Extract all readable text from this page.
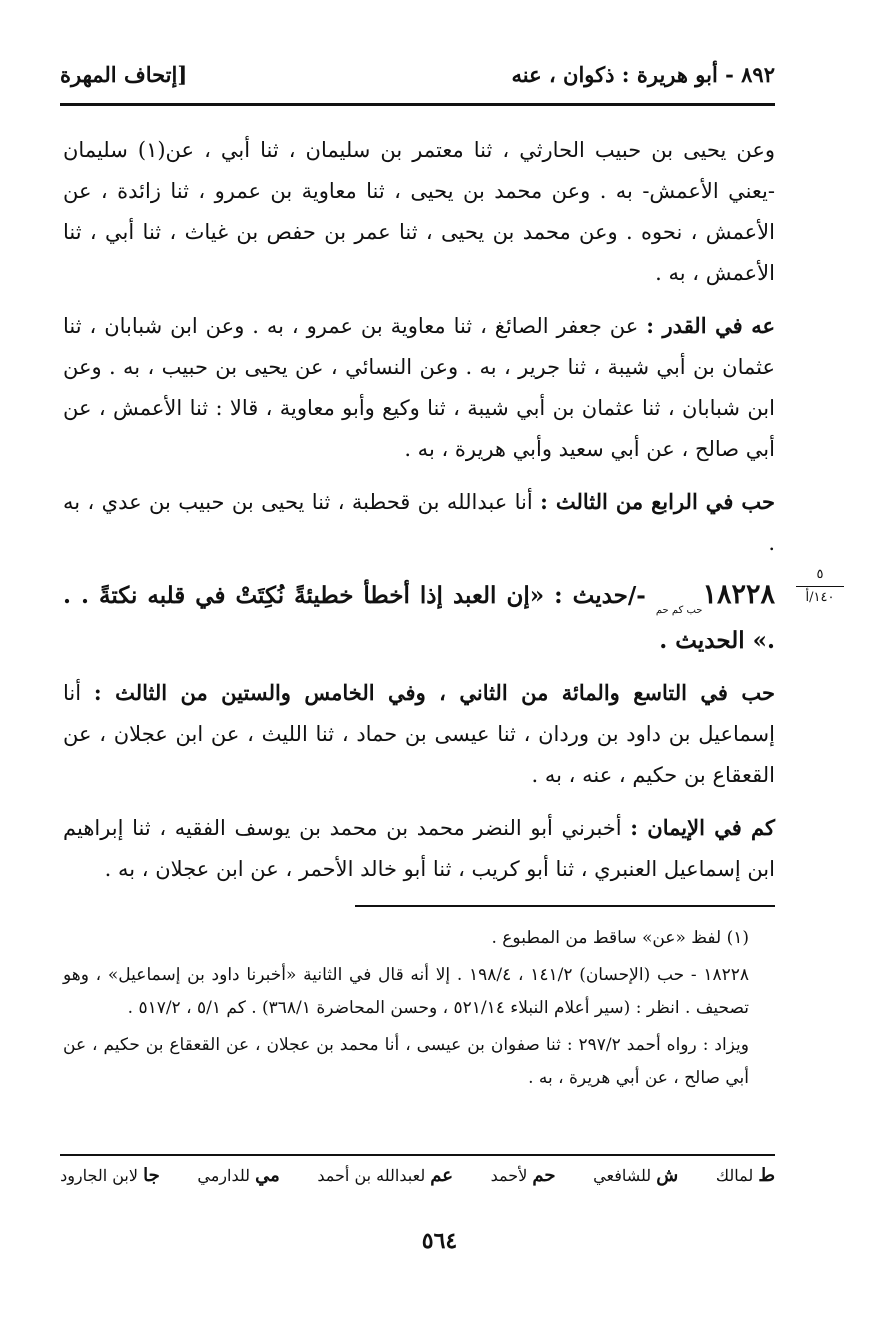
٨٩٢ - أبو هريرة : ذكوان ، عنه
[إتحاف المهرة

وعن يحيى بن حبيب الحارثي ، ثنا معتمر بن سليمان ، ثنا أبي ، عن(١) سليمان -يعني الأعمش- به . وعن محمد بن يحيى ، ثنا معاوية بن عمرو ، ثنا زائدة ، عن الأعمش ، نحوه . وعن محمد بن يحيى ، ثنا عمر بن حفص بن غياث ، ثنا أبي ، ثنا الأعمش ، به .

عه في القدر : عن جعفر الصائغ ، ثنا معاوية بن عمرو ، به . وعن ابن شبابان ، ثنا عثمان بن أبي شيبة ، ثنا جرير ، به . وعن النسائي ، عن يحيى بن حبيب ، به . وعن ابن شبابان ، ثنا عثمان بن أبي شيبة ، ثنا وكيع وأبو معاوية ، قالا : ثنا الأعمش ، عن أبي صالح ، عن أبي سعيد وأبي هريرة ، به .

حب في الرابع من الثالث : أنا عبدالله بن قحطبة ، ثنا يحيى بن حبيب بن عدي ، به .

١٨٢٢٨حب كم حم -/حديث : «إن العبد إذا أخطأ خطيئةً نُكِتَتْ في قلبه نكتةً . . .» الحديث .

حب في التاسع والمائة من الثاني ، وفي الخامس والستين من الثالث : أنا إسماعيل بن داود بن وردان ، ثنا عيسى بن حماد ، ثنا الليث ، عن ابن عجلان ، عن القعقاع بن حكيم ، عنه ، به .

كم في الإيمان : أخبرني أبو النضر محمد بن محمد بن يوسف الفقيه ، ثنا إبراهيم ابن إسماعيل العنبري ، ثنا أبو كريب ، ثنا أبو خالد الأحمر ، عن ابن عجلان ، به .

٥
١٤٠/أ

(١) لفظ «عن» ساقط من المطبوع .

١٨٢٢٨ - حب (الإحسان) ١٤١/٢ ، ١٩٨/٤ . إلا أنه قال في الثانية «أخبرنا داود بن إسماعيل» ، وهو تصحيف . انظر : (سير أعلام النبلاء ٥٢١/١٤ ، وحسن المحاضرة ٣٦٨/١) . كم ٥/١ ، ٥١٧/٢ .

ويزاد : رواه أحمد ٢٩٧/٢ : ثنا صفوان بن عيسى ، أنا محمد بن عجلان ، عن القعقاع بن حكيم ، عن أبي صالح ، عن أبي هريرة ، به .

ط لمالك
ش للشافعي
حم لأحمد
عم لعبدالله بن أحمد
مي للدارمي
جا لابن الجارود
٥٦٤
